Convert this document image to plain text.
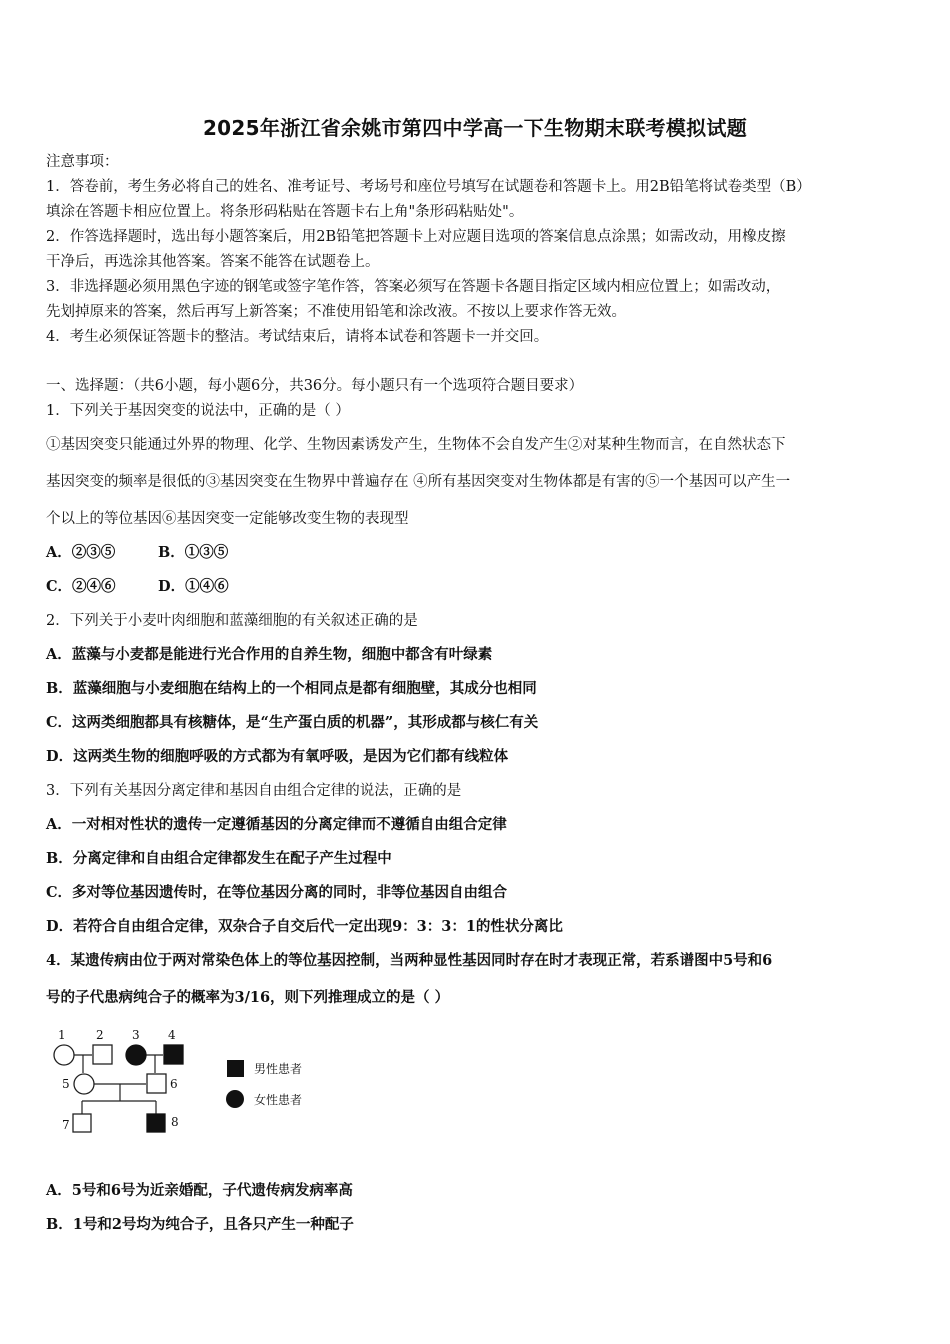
2025年浙江省余姚市第四中学高一下生物期末联考模拟试题
注意事项：
1．答卷前，考生务必将自己的姓名、准考证号、考场号和座位号填写在试题卷和答题卡上。用2B铅笔将试卷类型（B）
填涂在答题卡相应位置上。将条形码粘贴在答题卡右上角"条形码粘贴处"。
2．作答选择题时，选出每小题答案后，用2B铅笔把答题卡上对应题目选项的答案信息点涂黑；如需改动，用橡皮擦
干净后，再选涂其他答案。答案不能答在试题卷上。
3．非选择题必须用黑色字迹的钢笔或签字笔作答，答案必须写在答题卡各题目指定区域内相应位置上；如需改动，
先划掉原来的答案，然后再写上新答案；不准使用铅笔和涂改液。不按以上要求作答无效。
4．考生必须保证答题卡的整洁。考试结束后，请将本试卷和答题卡一并交回。
一、选择题：（共6小题，每小题6分，共36分。每小题只有一个选项符合题目要求）
1．下列关于基因突变的说法中，正确的是（ ）
①基因突变只能通过外界的物理、化学、生物因素诱发产生，生物体不会自发产生②对某种生物而言，在自然状态下
基因突变的频率是很低的③基因突变在生物界中普遍存在 ④所有基因突变对生物体都是有害的⑤一个基因可以产生一
个以上的等位基因⑥基因突变一定能够改变生物的表现型
A．②③⑤	B．①③⑤
C．②④⑥	D．①④⑥
2．下列关于小麦叶肉细胞和蓝藻细胞的有关叙述正确的是
A．蓝藻与小麦都是能进行光合作用的自养生物，细胞中都含有叶绿素
B．蓝藻细胞与小麦细胞在结构上的一个相同点是都有细胞壁，其成分也相同
C．这两类细胞都具有核糖体，是“生产蛋白质的机器”，其形成都与核仁有关
D．这两类生物的细胞呼吸的方式都为有氧呼吸，是因为它们都有线粒体
3．下列有关基因分离定律和基因自由组合定律的说法，正确的是
A．一对相对性状的遗传一定遵循基因的分离定律而不遵循自由组合定律
B．分离定律和自由组合定律都发生在配子产生过程中
C．多对等位基因遗传时，在等位基因分离的同时，非等位基因自由组合
D．若符合自由组合定律，双杂合子自交后代一定出现9：3：3：1的性状分离比
4．某遗传病由位于两对常染色体上的等位基因控制，当两种显性基因同时存在时才表现正常，若系谱图中5号和6
号的子代患病纯合子的概率为3/16，则下列推理成立的是（ ）
1	2 3 4
5	6
7	8
男性患者
女性患者
A．5号和6号为近亲婚配，子代遗传病发病率高
B．1号和2号均为纯合子，且各只产生一种配子
